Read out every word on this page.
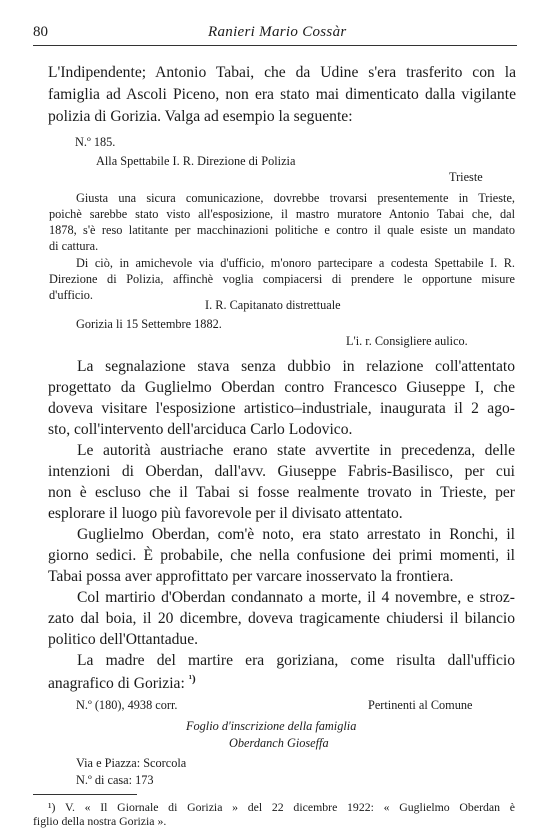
80	Ranieri Mario Cossàr
L'Indipendente; Antonio Tabai, che da Udine s'era trasferito con la
famiglia ad Ascoli Piceno, non era stato mai dimenticato dalla vigilante
polizia di Gorizia. Valga ad esempio la seguente:
N.º 185.
Alla Spettabile I. R. Direzione di Polizia
Trieste
Giusta una sicura comunicazione, dovrebbe trovarsi presentemente in Trieste,
poichè sarebbe stato visto all'esposizione, il mastro muratore Antonio Tabai che, dal
1878, s'è reso latitante per macchinazioni politiche e contro il quale esiste un mandato
di cattura.
Di ciò, in amichevole via d'ufficio, m'onoro partecipare a codesta Spettabile I. R.
Direzione di Polizia, affinchè voglia compiacersi di prendere le opportune misure
d'ufficio.
I. R. Capitanato distrettuale
Gorizia li 15 Settembre 1882.
L'i. r. Consigliere aulico.
La segnalazione stava senza dubbio in relazione coll'attentato
progettato da Guglielmo Oberdan contro Francesco Giuseppe I, che
doveva visitare l'esposizione artistico–industriale, inaugurata il 2 ago-
sto, coll'intervento dell'arciduca Carlo Lodovico.
Le autorità austriache erano state avvertite in precedenza, delle
intenzioni di Oberdan, dall'avv. Giuseppe Fabris-Basilisco, per cui
non è escluso che il Tabai si fosse realmente trovato in Trieste, per
esplorare il luogo più favorevole per il divisato attentato.
Guglielmo Oberdan, com'è noto, era stato arrestato in Ronchi, il
giorno sedici. È probabile, che nella confusione dei primi momenti, il
Tabai possa aver approfittato per varcare inosservato la frontiera.
Col martirio d'Oberdan condannato a morte, il 4 novembre, e stroz-
zato dal boia, il 20 dicembre, doveva tragicamente chiudersi il bilancio
politico dell'Ottantadue.
La madre del martire era goriziana, come risulta dall'ufficio
anagrafico di Gorizia: $^{^1)}$
N.º (180), 4938 corr.	Pertinenti al Comune
Foglio d'inscrizione della famiglia
Oberdanch Gioseffa
Via e Piazza: Scorcola
N.º di casa: 173
¹) V. « Il Giornale di Gorizia » del 22 dicembre 1922: « Guglielmo Oberdan è
figlio della nostra Gorizia ».
